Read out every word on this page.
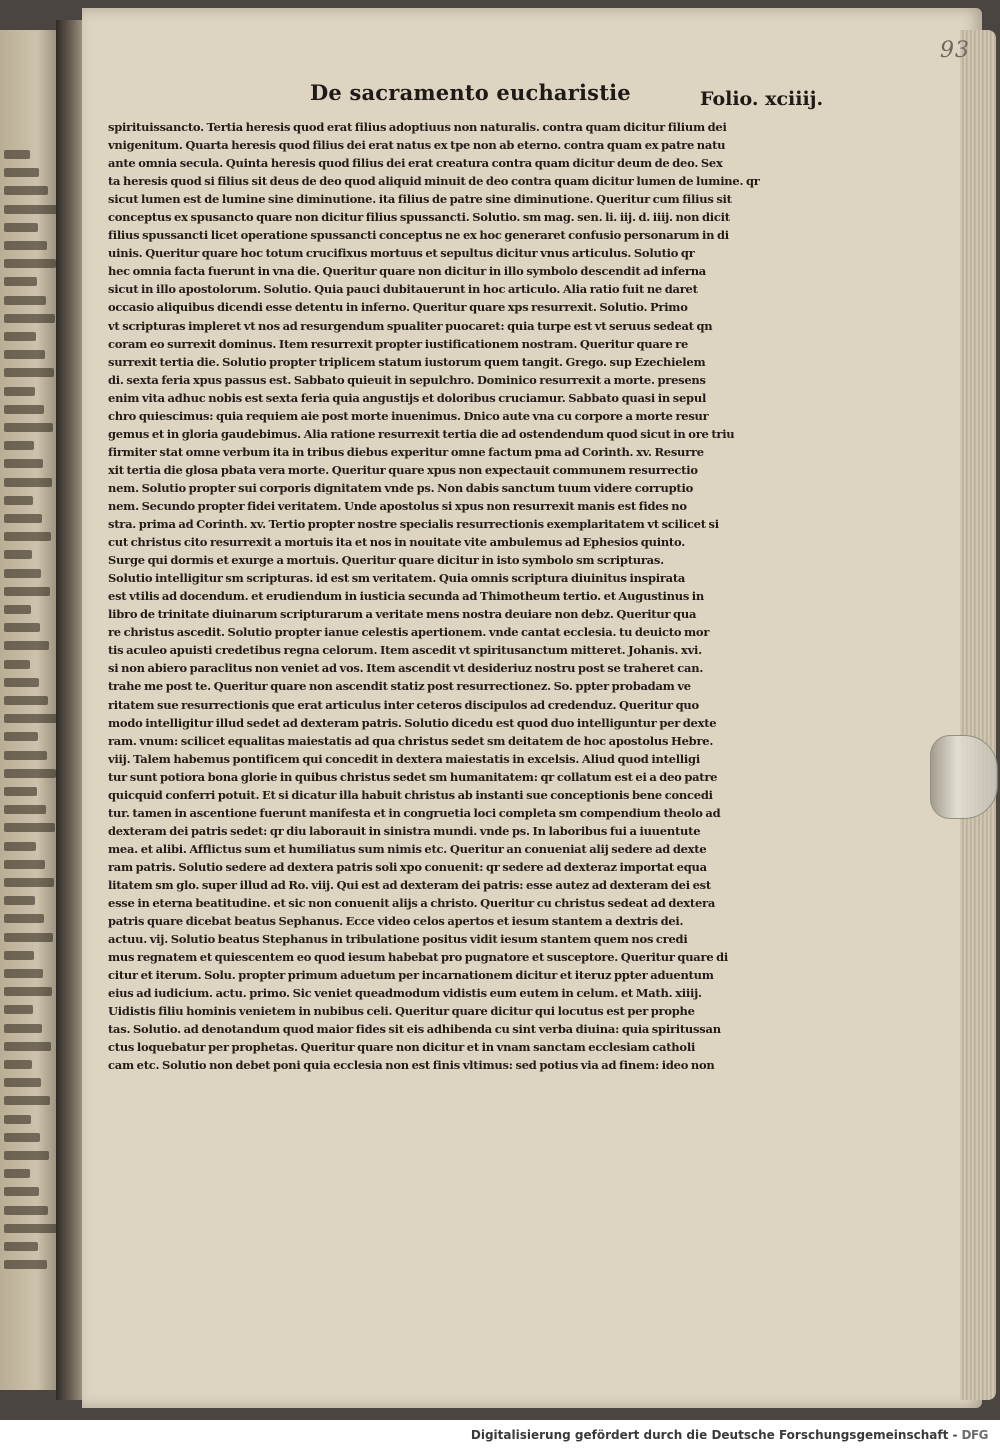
93
De sacramento eucharistie	Folio. xciiij.
spirituissancto. Tertia heresis quod erat filius adoptiuus non naturalis. contra quam dicitur filium dei
vnigenitum. Quarta heresis quod filius dei erat natus ex tpe non ab eterno. contra quam ex patre natu
ante omnia secula. Quinta heresis quod filius dei erat creatura contra quam dicitur deum de deo. Sex
ta heresis quod si filius sit deus de deo quod aliquid minuit de deo contra quam dicitur lumen de lumine. qr
sicut lumen est de lumine sine diminutione. ita filius de patre sine diminutione. Queritur cum filius sit
conceptus ex spusancto quare non dicitur filius spussancti. Solutio. sm mag. sen. li. iij. d. iiij. non dicit
filius spussancti licet operatione spussancti conceptus ne ex hoc generaret confusio personarum in di
uinis. Queritur quare hoc totum crucifixus mortuus et sepultus dicitur vnus articulus. Solutio qr
hec omnia facta fuerunt in vna die. Queritur quare non dicitur in illo symbolo descendit ad inferna
sicut in illo apostolorum. Solutio. Quia pauci dubitauerunt in hoc articulo. Alia ratio fuit ne daret
occasio aliquibus dicendi esse detentu in inferno. Queritur quare xps resurrexit. Solutio. Primo
vt scripturas impleret vt nos ad resurgendum spualiter puocaret: quia turpe est vt seruus sedeat qn
coram eo surrexit dominus. Item resurrexit propter iustificationem nostram. Queritur quare re
surrexit tertia die. Solutio propter triplicem statum iustorum quem tangit. Grego. sup Ezechielem
di. sexta feria xpus passus est. Sabbato quieuit in sepulchro. Dominico resurrexit a morte. presens
enim vita adhuc nobis est sexta feria quia angustijs et doloribus cruciamur. Sabbato quasi in sepul
chro quiescimus: quia requiem aie post morte inuenimus. Dnico aute vna cu corpore a morte resur
gemus et in gloria gaudebimus. Alia ratione resurrexit tertia die ad ostendendum quod sicut in ore triu
firmiter stat omne verbum ita in tribus diebus experitur omne factum pma ad Corinth. xv. Resurre
xit tertia die glosa pbata vera morte. Queritur quare xpus non expectauit communem resurrectio
nem. Solutio propter sui corporis dignitatem vnde ps. Non dabis sanctum tuum videre corruptio
nem. Secundo propter fidei veritatem. Unde apostolus si xpus non resurrexit manis est fides no
stra. prima ad Corinth. xv. Tertio propter nostre specialis resurrectionis exemplaritatem vt scilicet si
cut christus cito resurrexit a mortuis ita et nos in nouitate vite ambulemus ad Ephesios quinto.
Surge qui dormis et exurge a mortuis. Queritur quare dicitur in isto symbolo sm scripturas.
Solutio intelligitur sm scripturas. id est sm veritatem. Quia omnis scriptura diuinitus inspirata
est vtilis ad docendum. et erudiendum in iusticia secunda ad Thimotheum tertio. et Augustinus in
libro de trinitate diuinarum scripturarum a veritate mens nostra deuiare non debz. Queritur qua
re christus ascedit. Solutio propter ianue celestis apertionem. vnde cantat ecclesia. tu deuicto mor
tis aculeo apuisti credetibus regna celorum. Item ascedit vt spiritusanctum mitteret. Johanis. xvi.
si non abiero paraclitus non veniet ad vos. Item ascendit vt desideriuz nostru post se traheret can.
trahe me post te. Queritur quare non ascendit statiz post resurrectionez. So. ppter probadam ve
ritatem sue resurrectionis que erat articulus inter ceteros discipulos ad credenduz. Queritur quo
modo intelligitur illud sedet ad dexteram patris. Solutio dicedu est quod duo intelliguntur per dexte
ram. vnum: scilicet equalitas maiestatis ad qua christus sedet sm deitatem de hoc apostolus Hebre.
viij. Talem habemus pontificem qui concedit in dextera maiestatis in excelsis. Aliud quod intelligi
tur sunt potiora bona glorie in quibus christus sedet sm humanitatem: qr collatum est ei a deo patre
quicquid conferri potuit. Et si dicatur illa habuit christus ab instanti sue conceptionis bene concedi
tur. tamen in ascentione fuerunt manifesta et in congruetia loci completa sm compendium theolo ad
dexteram dei patris sedet: qr diu laborauit in sinistra mundi. vnde ps. In laboribus fui a iuuentute
mea. et alibi. Afflictus sum et humiliatus sum nimis etc. Queritur an conueniat alij sedere ad dexte
ram patris. Solutio sedere ad dextera patris soli xpo conuenit: qr sedere ad dexteraz importat equa
litatem sm glo. super illud ad Ro. viij. Qui est ad dexteram dei patris: esse autez ad dexteram dei est
esse in eterna beatitudine. et sic non conuenit alijs a christo. Queritur cu christus sedeat ad dextera
patris quare dicebat beatus Sephanus. Ecce video celos apertos et iesum stantem a dextris dei.
actuu. vij. Solutio beatus Stephanus in tribulatione positus vidit iesum stantem quem nos credi
mus regnatem et quiescentem eo quod iesum habebat pro pugnatore et susceptore. Queritur quare di
citur et iterum. Solu. propter primum aduetum per incarnationem dicitur et iteruz ppter aduentum
eius ad iudicium. actu. primo. Sic veniet queadmodum vidistis eum eutem in celum. et Math. xiiij.
Uidistis filiu hominis venietem in nubibus celi. Queritur quare dicitur qui locutus est per prophe
tas. Solutio. ad denotandum quod maior fides sit eis adhibenda cu sint verba diuina: quia spiritussan
ctus loquebatur per prophetas. Queritur quare non dicitur et in vnam sanctam ecclesiam catholi
cam etc. Solutio non debet poni quia ecclesia non est finis vltimus: sed potius via ad finem: ideo non
Digitalisierung gefördert durch die Deutsche Forschungsgemeinschaft - DFG
